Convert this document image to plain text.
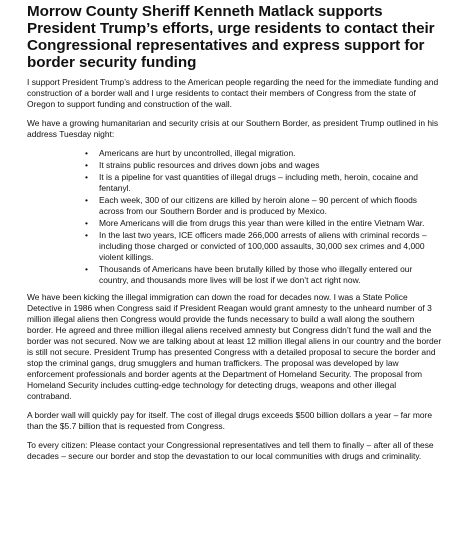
Morrow County Sheriff Kenneth Matlack supports President Trump’s efforts, urge residents to contact their Congressional representatives and express support for border security funding

I support President Trump’s address to the American people regarding the need for the immediate funding and construction of a border wall and I urge residents to contact their members of Congress from the state of Oregon to support funding and construction of the wall.

We have a growing humanitarian and security crisis at our Southern Border, as president Trump outlined in his address Tuesday night:

• Americans are hurt by uncontrolled, illegal migration.
• It strains public resources and drives down jobs and wages
• It is a pipeline for vast quantities of illegal drugs – including meth, heroin, cocaine and fentanyl.
• Each week, 300 of our citizens are killed by heroin alone – 90 percent of which floods across from our Southern Border and is produced by Mexico.
• More Americans will die from drugs this year than were killed in the entire Vietnam War.
• In the last two years, ICE officers made 266,000 arrests of aliens with criminal records – including those charged or convicted of 100,000 assaults, 30,000 sex crimes and 4,000 violent killings.
• Thousands of Americans have been brutally killed by those who illegally entered our country, and thousands more lives will be lost if we don’t act right now.

We have been kicking the illegal immigration can down the road for decades now. I was a State Police Detective in 1986 when Congress said if President Reagan would grant amnesty to the unheard number of 3 million illegal aliens then Congress would provide the funds necessary to build a wall along the southern border. He agreed and three million illegal aliens received amnesty but Congress didn’t fund the wall and the border was not secured. Now we are talking about at least 12 million illegal aliens in our country and the border is still not secure. President Trump has presented Congress with a detailed proposal to secure the border and stop the criminal gangs, drug smugglers and human traffickers. The proposal was developed by law enforcement professionals and border agents at the Department of Homeland Security. The proposal from Homeland Security includes cutting-edge technology for detecting drugs, weapons and other illegal contraband.

A border wall will quickly pay for itself. The cost of illegal drugs exceeds $500 billion dollars a year – far more than the $5.7 billion that is requested from Congress.

To every citizen: Please contact your Congressional representatives and tell them to finally – after all of these decades – secure our border and stop the devastation to our local communities with drugs and criminality.
